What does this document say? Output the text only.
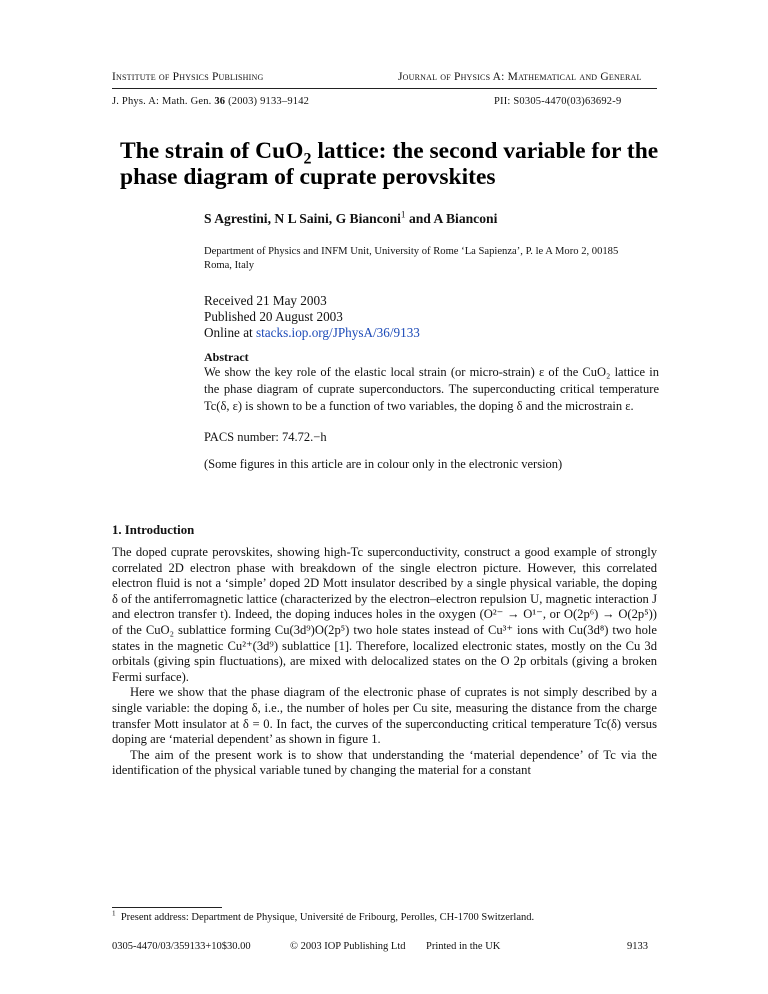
Institute of Physics Publishing	Journal of Physics A: Mathematical and General
J. Phys. A: Math. Gen. 36 (2003) 9133–9142	PII: S0305-4470(03)63692-9
The strain of CuO$_2$ lattice: the second variable for the phase diagram of cuprate perovskites
S Agrestini, N L Saini, G Bianconi$^1$ and A Bianconi
Department of Physics and INFM Unit, University of Rome ‘La Sapienza’, P. le A Moro 2, 00185 Roma, Italy
Received 21 May 2003
Published 20 August 2003
Online at stacks.iop.org/JPhysA/36/9133
Abstract
We show the key role of the elastic local strain (or micro-strain) ε of the CuO₂ lattice in the phase diagram of cuprate superconductors. The superconducting critical temperature Tc(δ, ε) is shown to be a function of two variables, the doping δ and the microstrain ε.
PACS number: 74.72.−h
(Some figures in this article are in colour only in the electronic version)
1. Introduction

The doped cuprate perovskites, showing high-Tc superconductivity, construct a good example of strongly correlated 2D electron phase with breakdown of the single electron picture. However, this correlated electron fluid is not a ‘simple’ doped 2D Mott insulator described by a single physical variable, the doping δ of the antiferromagnetic lattice (characterized by the electron–electron repulsion U, magnetic interaction J and electron transfer t). Indeed, the doping induces holes in the oxygen (O²⁻ → O¹⁻, or O(2p⁶) → O(2p⁵)) of the CuO₂ sublattice forming Cu(3d⁹)O(2p⁵) two hole states instead of Cu³⁺ ions with Cu(3d⁸) two hole states in the magnetic Cu²⁺(3d⁹) sublattice [1]. Therefore, localized electronic states, mostly on the Cu 3d orbitals (giving spin fluctuations), are mixed with delocalized states on the O 2p orbitals (giving a broken Fermi surface).

Here we show that the phase diagram of the electronic phase of cuprates is not simply described by a single variable: the doping δ, i.e., the number of holes per Cu site, measuring the distance from the charge transfer Mott insulator at δ = 0. In fact, the curves of the superconducting critical temperature Tc(δ) versus doping are ‘material dependent’ as shown in figure 1.

The aim of the present work is to show that understanding the ‘material dependence’ of Tc via the identification of the physical variable tuned by changing the material for a constant

$^1$ Present address: Department de Physique, Université de Fribourg, Perolles, CH-1700 Switzerland.
0305-4470/03/359133+10$30.00	© 2003 IOP Publishing Ltd Printed in the UK	9133
